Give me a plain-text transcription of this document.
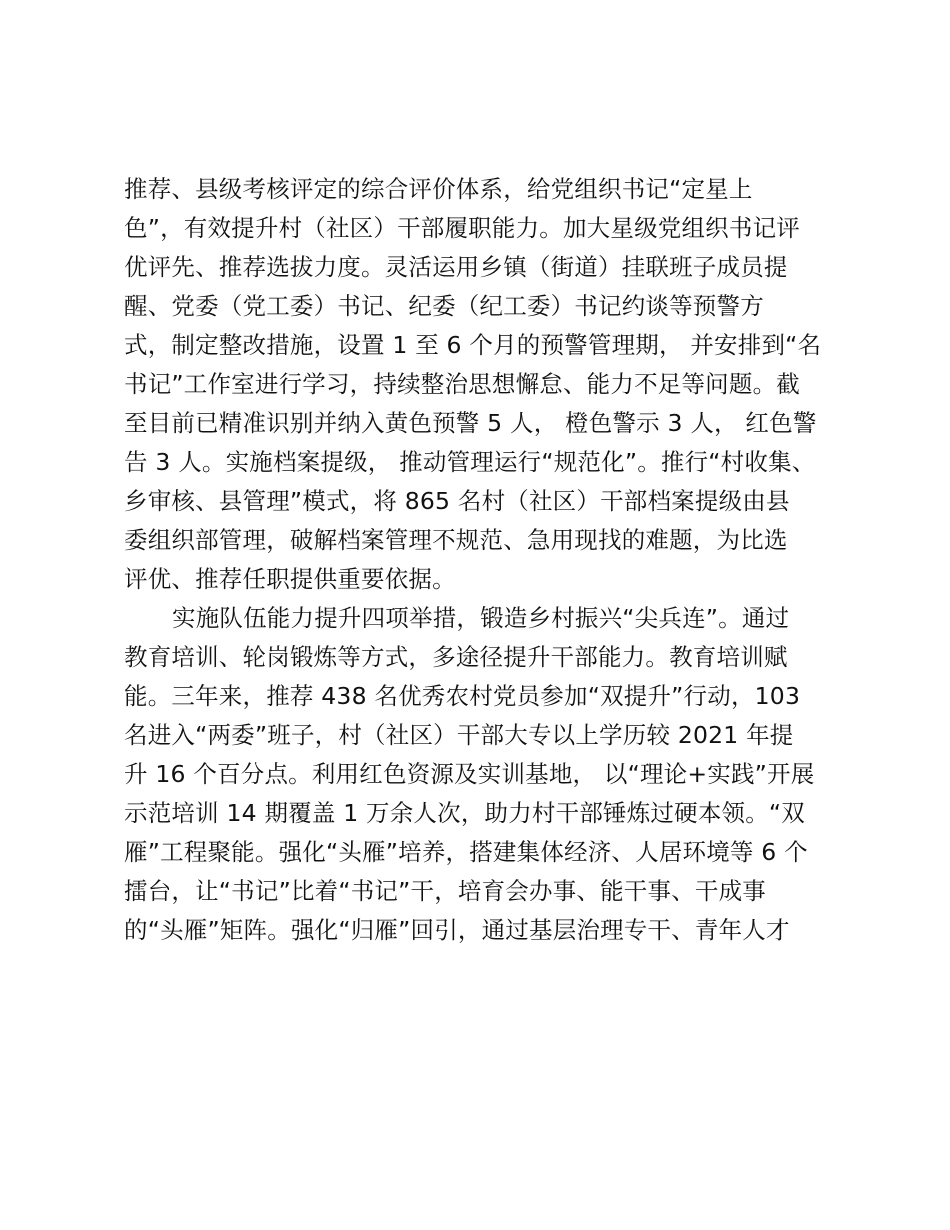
推荐、县级考核评定的综合评价体系，给党组织书记“定星上
色”，有效提升村（社区）干部履职能力。加大星级党组织书记评
优评先、推荐选拔力度。灵活运用乡镇（街道）挂联班子成员提
醒、党委（党工委）书记、纪委（纪工委）书记约谈等预警方
式，制定整改措施，设置 1 至 6 个月的预警管理期， 并安排到“名
书记”工作室进行学习，持续整治思想懈怠、能力不足等问题。截
至目前已精准识别并纳入黄色预警 5 人， 橙色警示 3 人， 红色警
告 3 人。实施档案提级， 推动管理运行“规范化”。推行“村收集、
乡审核、县管理”模式，将 865 名村（社区）干部档案提级由县
委组织部管理，破解档案管理不规范、急用现找的难题，为比选
评优、推荐任职提供重要依据。
实施队伍能力提升四项举措，锻造乡村振兴“尖兵连”。通过
教育培训、轮岗锻炼等方式，多途径提升干部能力。教育培训赋
能。三年来，推荐 438 名优秀农村党员参加“双提升”行动，103
名进入“两委”班子，村（社区）干部大专以上学历较 2021 年提
升 16 个百分点。利用红色资源及实训基地， 以“理论+实践”开展
示范培训 14 期覆盖 1 万余人次，助力村干部锤炼过硬本领。“双
雁”工程聚能。强化“头雁”培养，搭建集体经济、人居环境等 6 个
擂台，让“书记”比着“书记”干，培育会办事、能干事、干成事
的“头雁”矩阵。强化“归雁”回引，通过基层治理专干、青年人才
